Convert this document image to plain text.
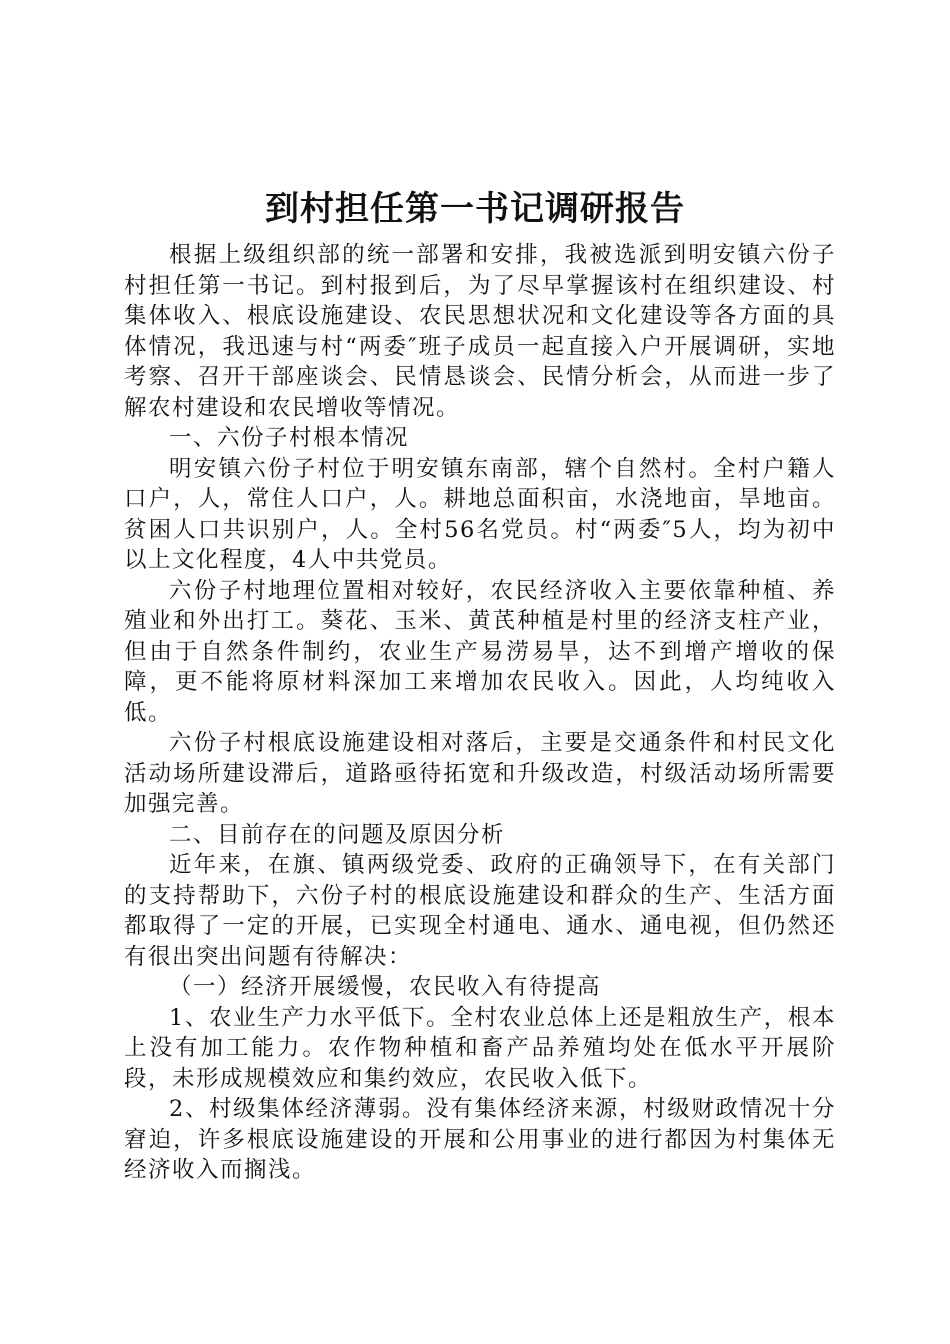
到村担任第一书记调研报告

根据上级组织部的统一部署和安排，我被选派到明安镇六份子村担任第一书记。到村报到后，为了尽早掌握该村在组织建设、村集体收入、根底设施建设、农民思想状况和文化建设等各方面的具体情况，我迅速与村“两委″班子成员一起直接入户开展调研，实地考察、召开干部座谈会、民情恳谈会、民情分析会，从而进一步了解农村建设和农民增收等情况。

一、六份子村根本情况

明安镇六份子村位于明安镇东南部，辖个自然村。全村户籍人口户，人，常住人口户，人。耕地总面积亩，水浇地亩，旱地亩。贫困人口共识别户，人。全村56名党员。村“两委″5人，均为初中以上文化程度，4人中共党员。

六份子村地理位置相对较好，农民经济收入主要依靠种植、养殖业和外出打工。葵花、玉米、黄芪种植是村里的经济支柱产业，但由于自然条件制约，农业生产易涝易旱，达不到增产增收的保障，更不能将原材料深加工来增加农民收入。因此，人均纯收入低。

六份子村根底设施建设相对落后，主要是交通条件和村民文化活动场所建设滞后，道路亟待拓宽和升级改造，村级活动场所需要加强完善。

二、目前存在的问题及原因分析

近年来，在旗、镇两级党委、政府的正确领导下，在有关部门的支持帮助下，六份子村的根底设施建设和群众的生产、生活方面都取得了一定的开展，已实现全村通电、通水、通电视，但仍然还有很出突出问题有待解决：

（一）经济开展缓慢，农民收入有待提高

1、农业生产力水平低下。全村农业总体上还是粗放生产，根本上没有加工能力。农作物种植和畜产品养殖均处在低水平开展阶段，未形成规模效应和集约效应，农民收入低下。

2、村级集体经济薄弱。没有集体经济来源，村级财政情况十分窘迫，许多根底设施建设的开展和公用事业的进行都因为村集体无经济收入而搁浅。
